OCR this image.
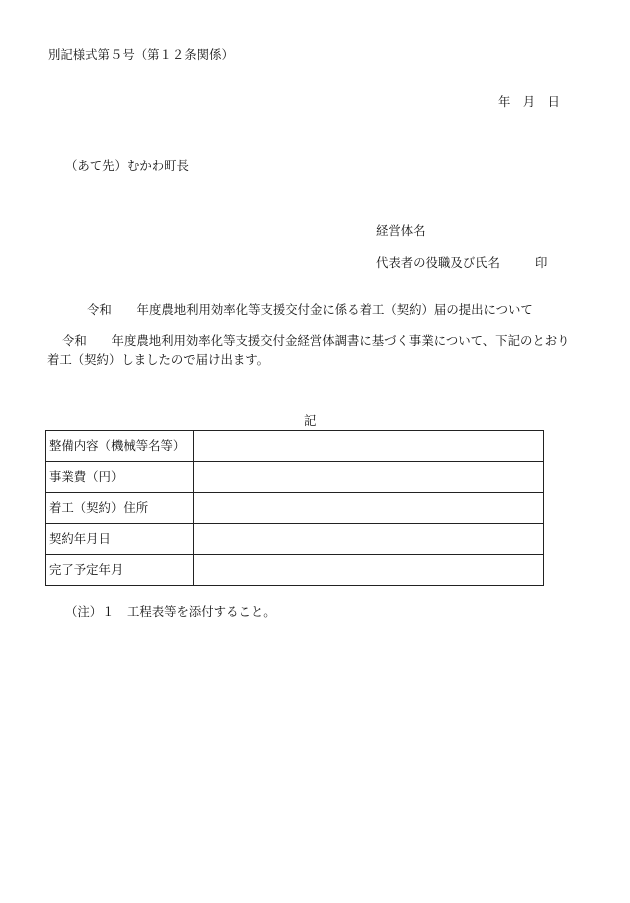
別記様式第５号（第１２条関係）
年　月　日
（あて先）むかわ町長
経営体名
代表者の役職及び氏名	印
令和　　年度農地利用効率化等支援交付金に係る着工（契約）届の提出について
令和　　年度農地利用効率化等支援交付金経営体調書に基づく事業について、下記のとおり
着工（契約）しましたので届け出ます。
記
整備内容（機械等名等）	
事業費（円）	
着工（契約）住所	
契約年月日	
完了予定年月	
（注）１　工程表等を添付すること。
